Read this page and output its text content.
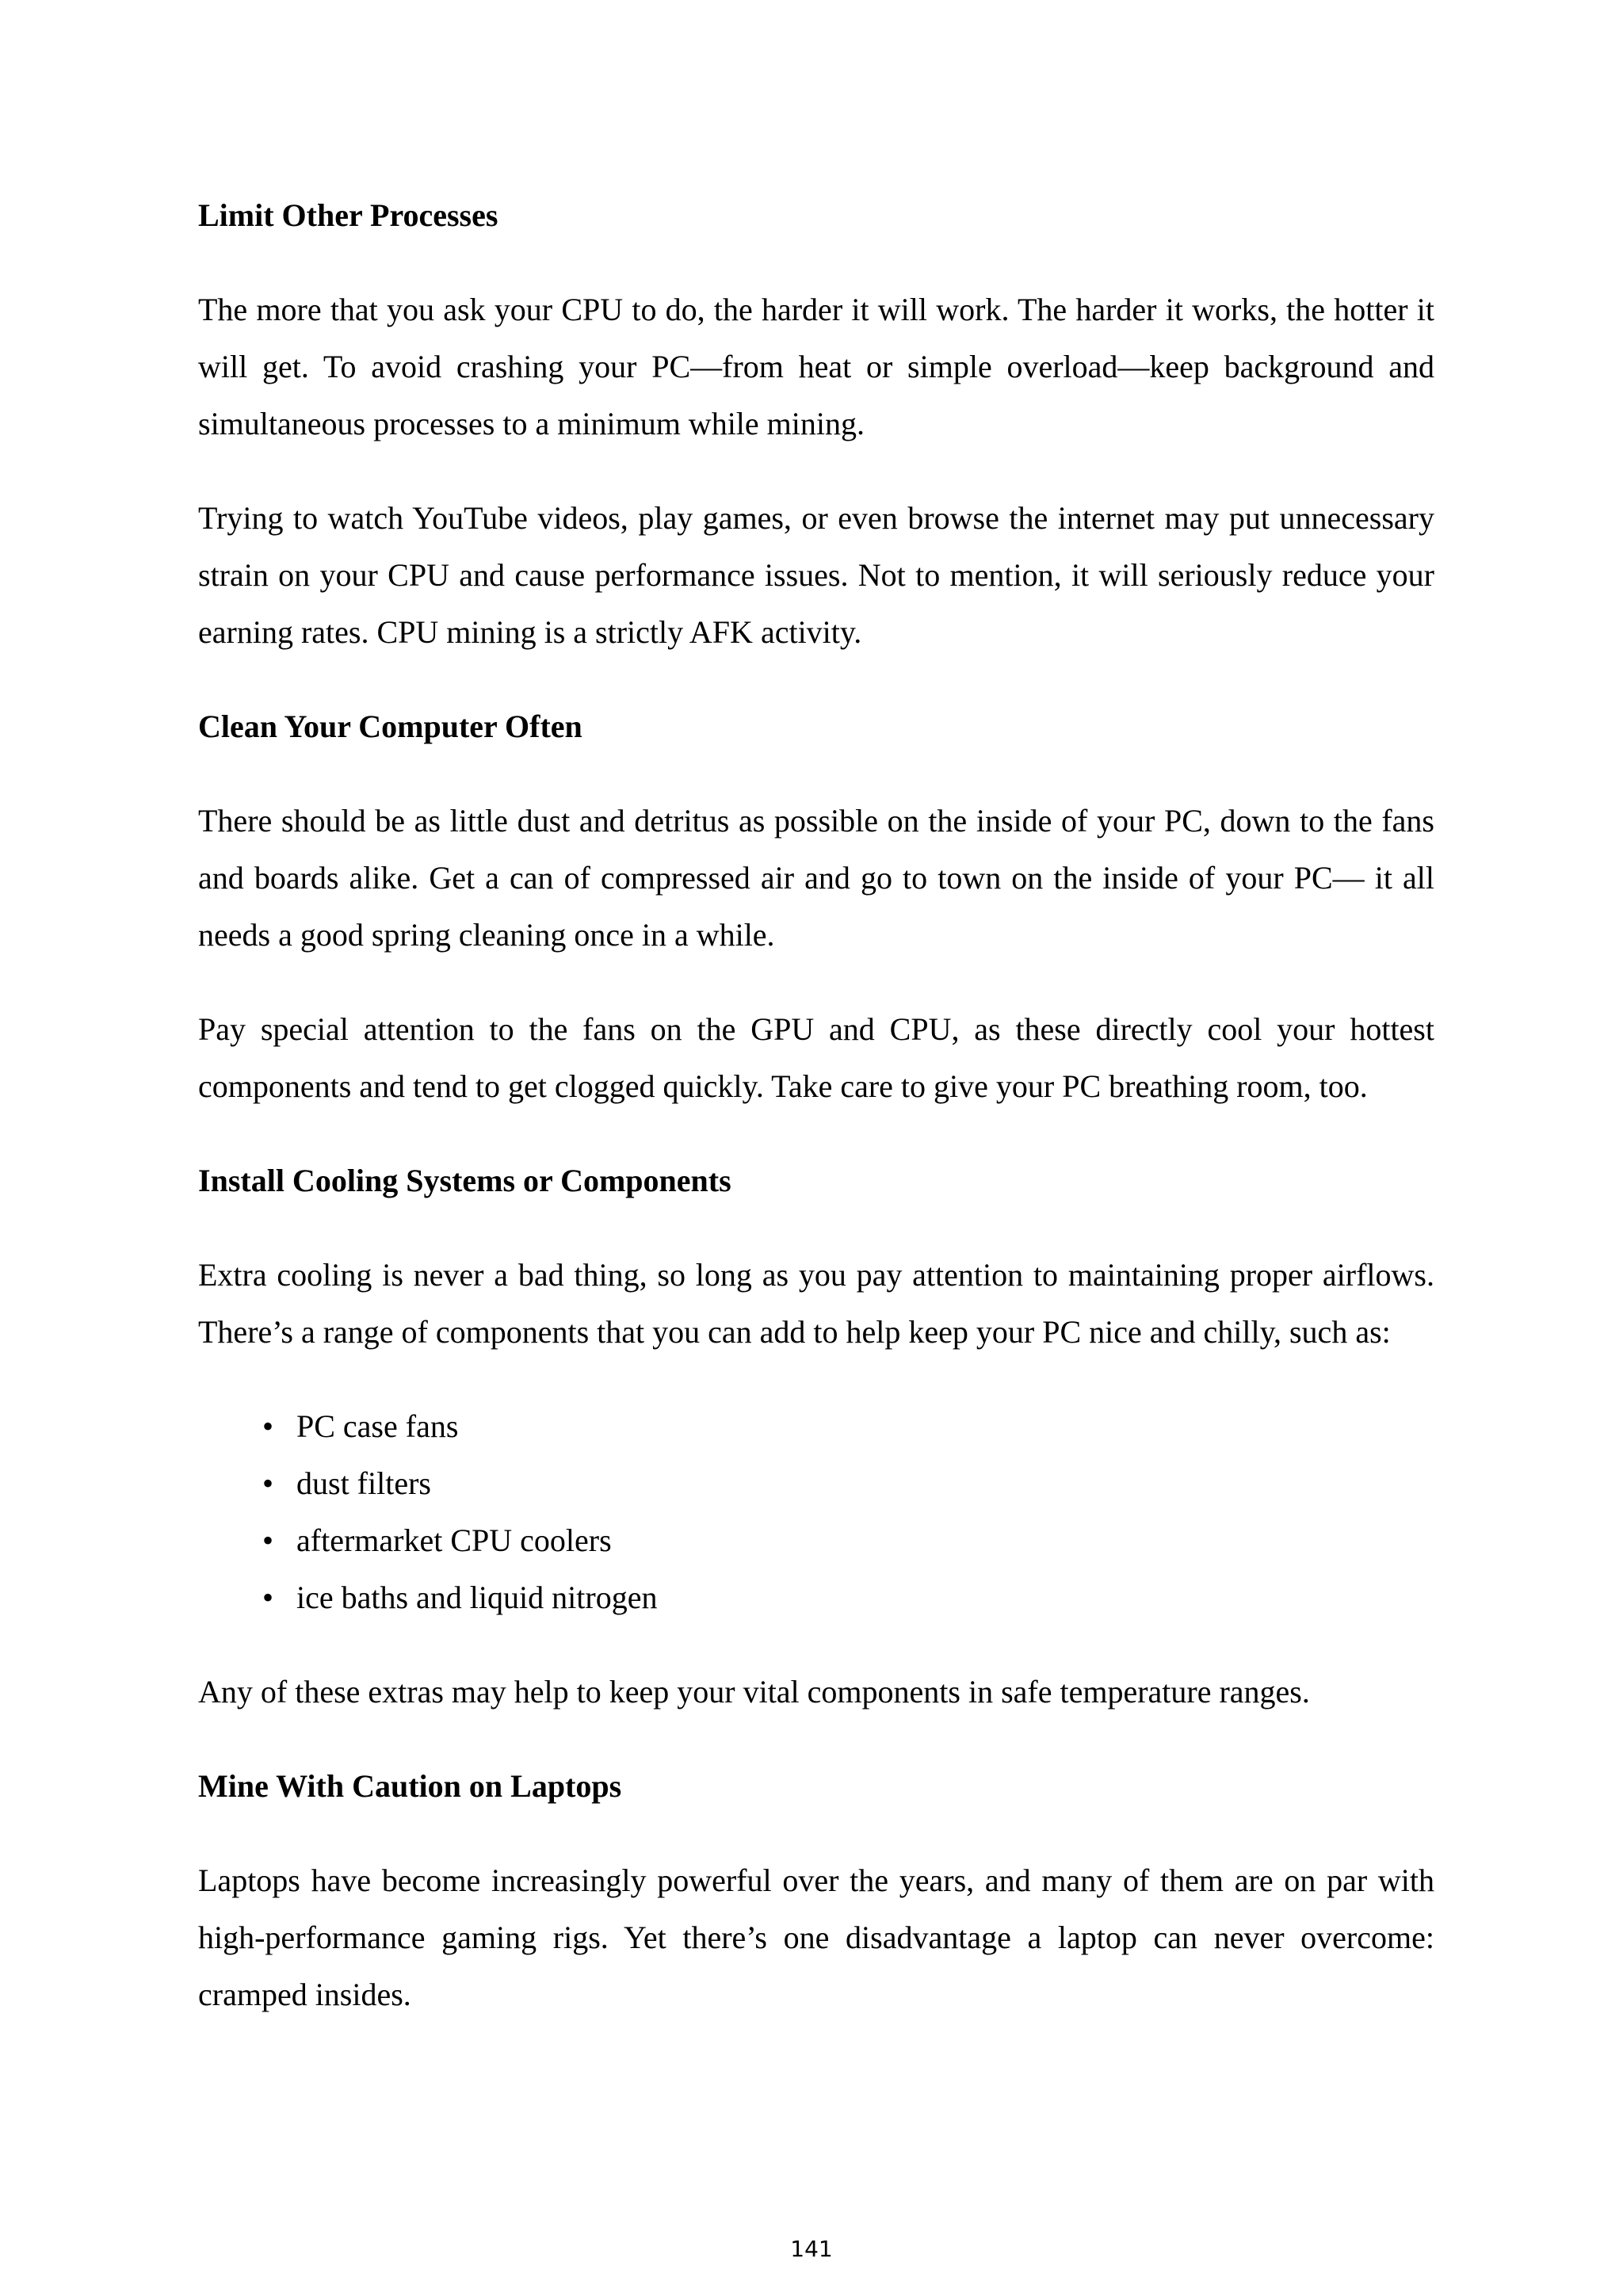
Limit Other Processes

The more that you ask your CPU to do, the harder it will work. The harder it works, the hotter it will get. To avoid crashing your PC—from heat or simple overload—keep background and simultaneous processes to a minimum while mining.

Trying to watch YouTube videos, play games, or even browse the internet may put unnecessary strain on your CPU and cause performance issues. Not to mention, it will seriously reduce your earning rates. CPU mining is a strictly AFK activity.

Clean Your Computer Often

There should be as little dust and detritus as possible on the inside of your PC, down to the fans and boards alike. Get a can of compressed air and go to town on the inside of your PC— it all needs a good spring cleaning once in a while.

Pay special attention to the fans on the GPU and CPU, as these directly cool your hottest components and tend to get clogged quickly. Take care to give your PC breathing room, too.

Install Cooling Systems or Components

Extra cooling is never a bad thing, so long as you pay attention to maintaining proper airflows. There’s a range of components that you can add to help keep your PC nice and chilly, such as:

• PC case fans
• dust filters
• aftermarket CPU coolers
• ice baths and liquid nitrogen

Any of these extras may help to keep your vital components in safe temperature ranges.

Mine With Caution on Laptops

Laptops have become increasingly powerful over the years, and many of them are on par with high-performance gaming rigs. Yet there’s one disadvantage a laptop can never overcome: cramped insides.

141
